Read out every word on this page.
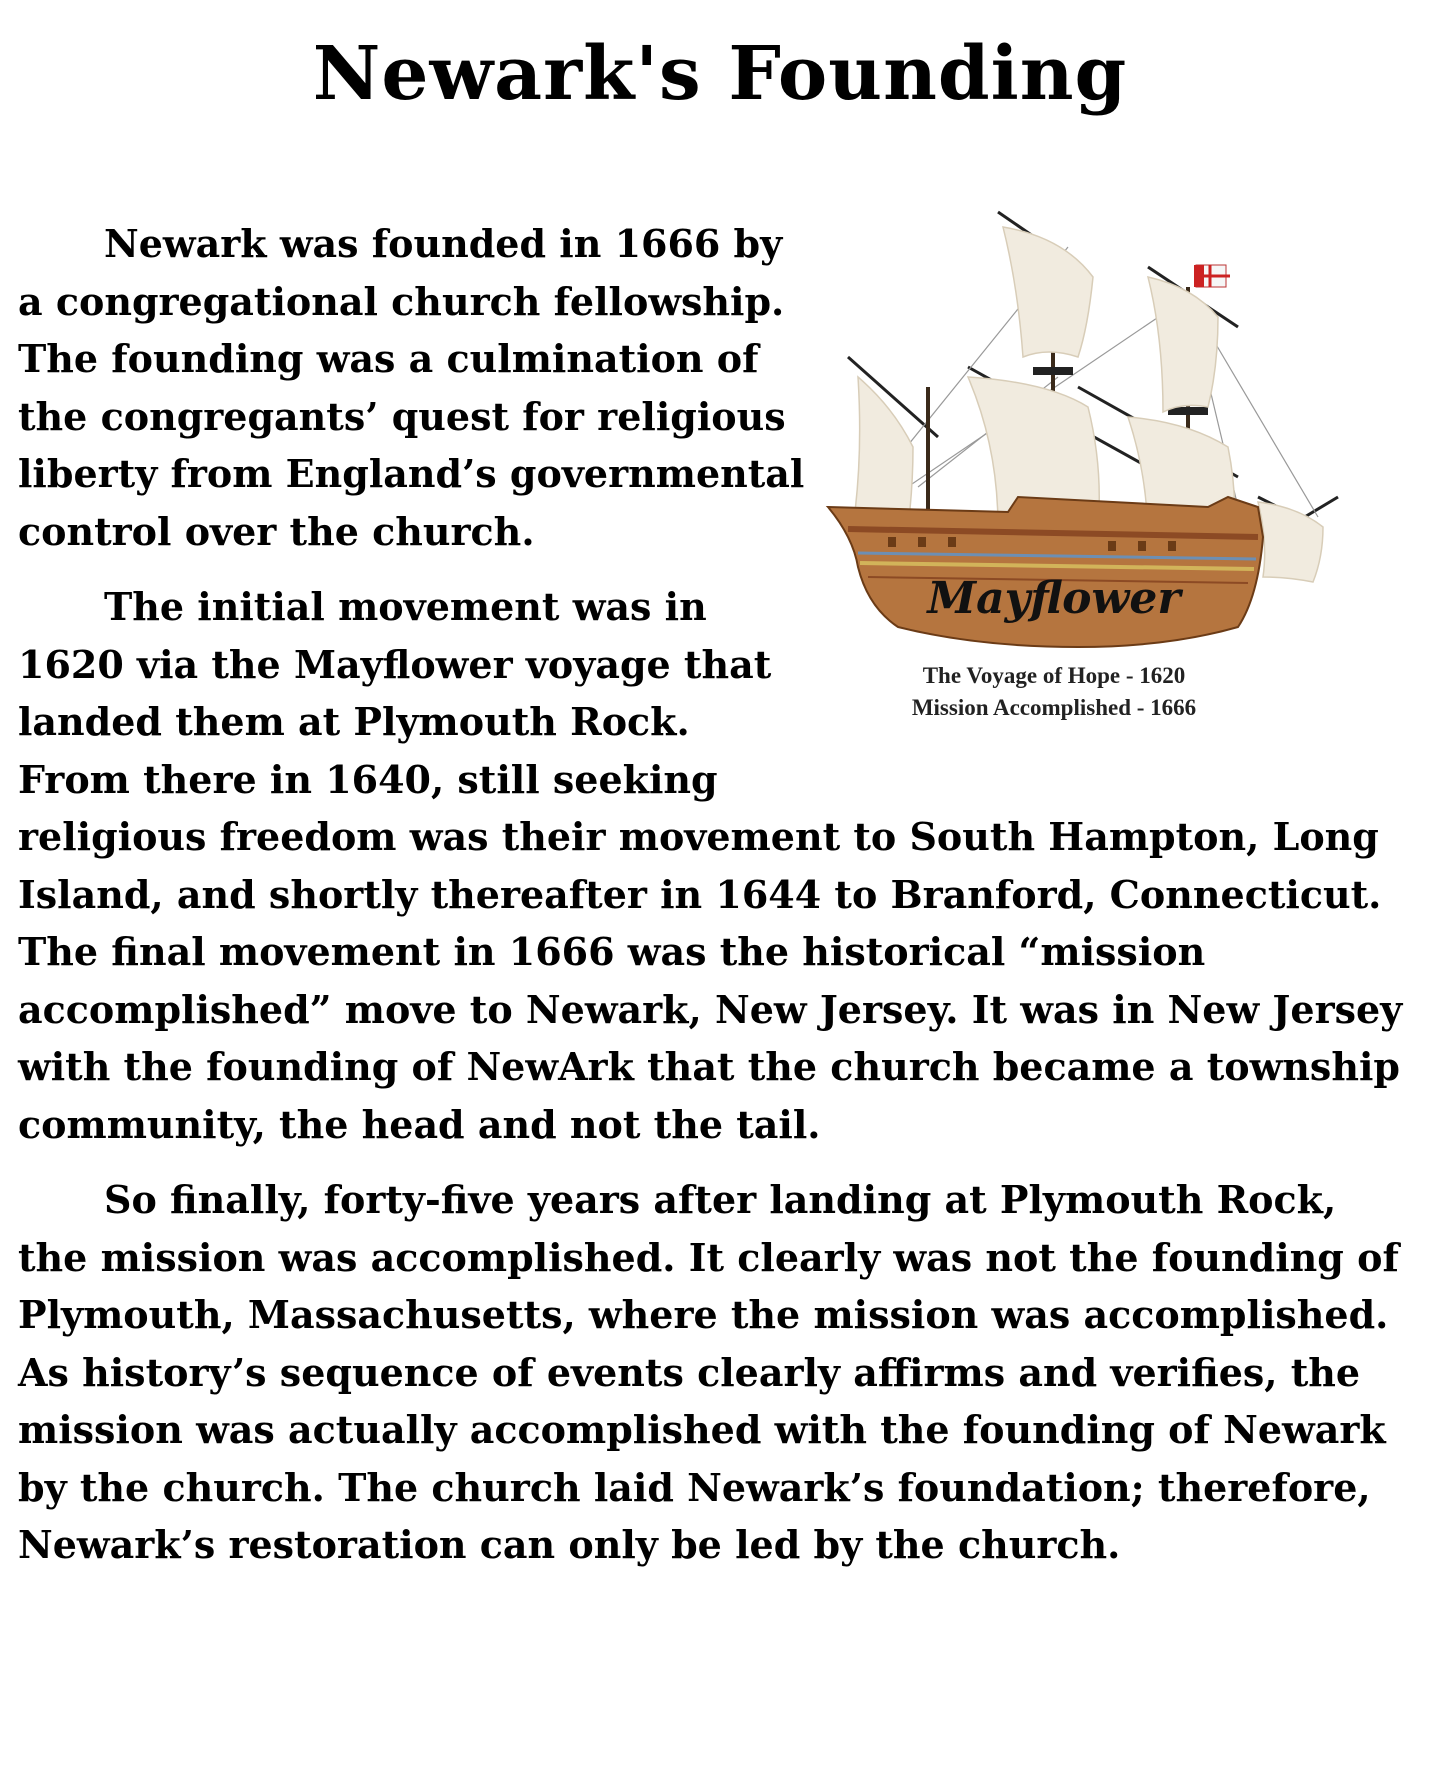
Newark's Founding
Mayflower
The Voyage of Hope - 1620
Mission Accomplished - 1666

Newark was founded in 1666 by a congregational church fellowship. The founding was a culmination of the congregants’ quest for religious liberty from England’s governmental control over the church.

The initial movement was in 1620 via the Mayflower voyage that landed them at Plymouth Rock. From there in 1640, still seeking religious freedom was their movement to South Hampton, Long Island, and shortly thereafter in 1644 to Branford, Connecticut. The final movement in 1666 was the historical “mission accomplished” move to Newark, New Jersey. It was in New Jersey with the founding of NewArk that the church became a township community, the head and not the tail.

So finally, forty-five years after landing at Plymouth Rock, the mission was accomplished. It clearly was not the founding of Plymouth, Massachusetts, where the mission was accomplished. As history’s sequence of events clearly affirms and verifies, the mission was actually accomplished with the founding of Newark by the church. The church laid Newark’s foundation; therefore, Newark’s restoration can only be led by the church.
